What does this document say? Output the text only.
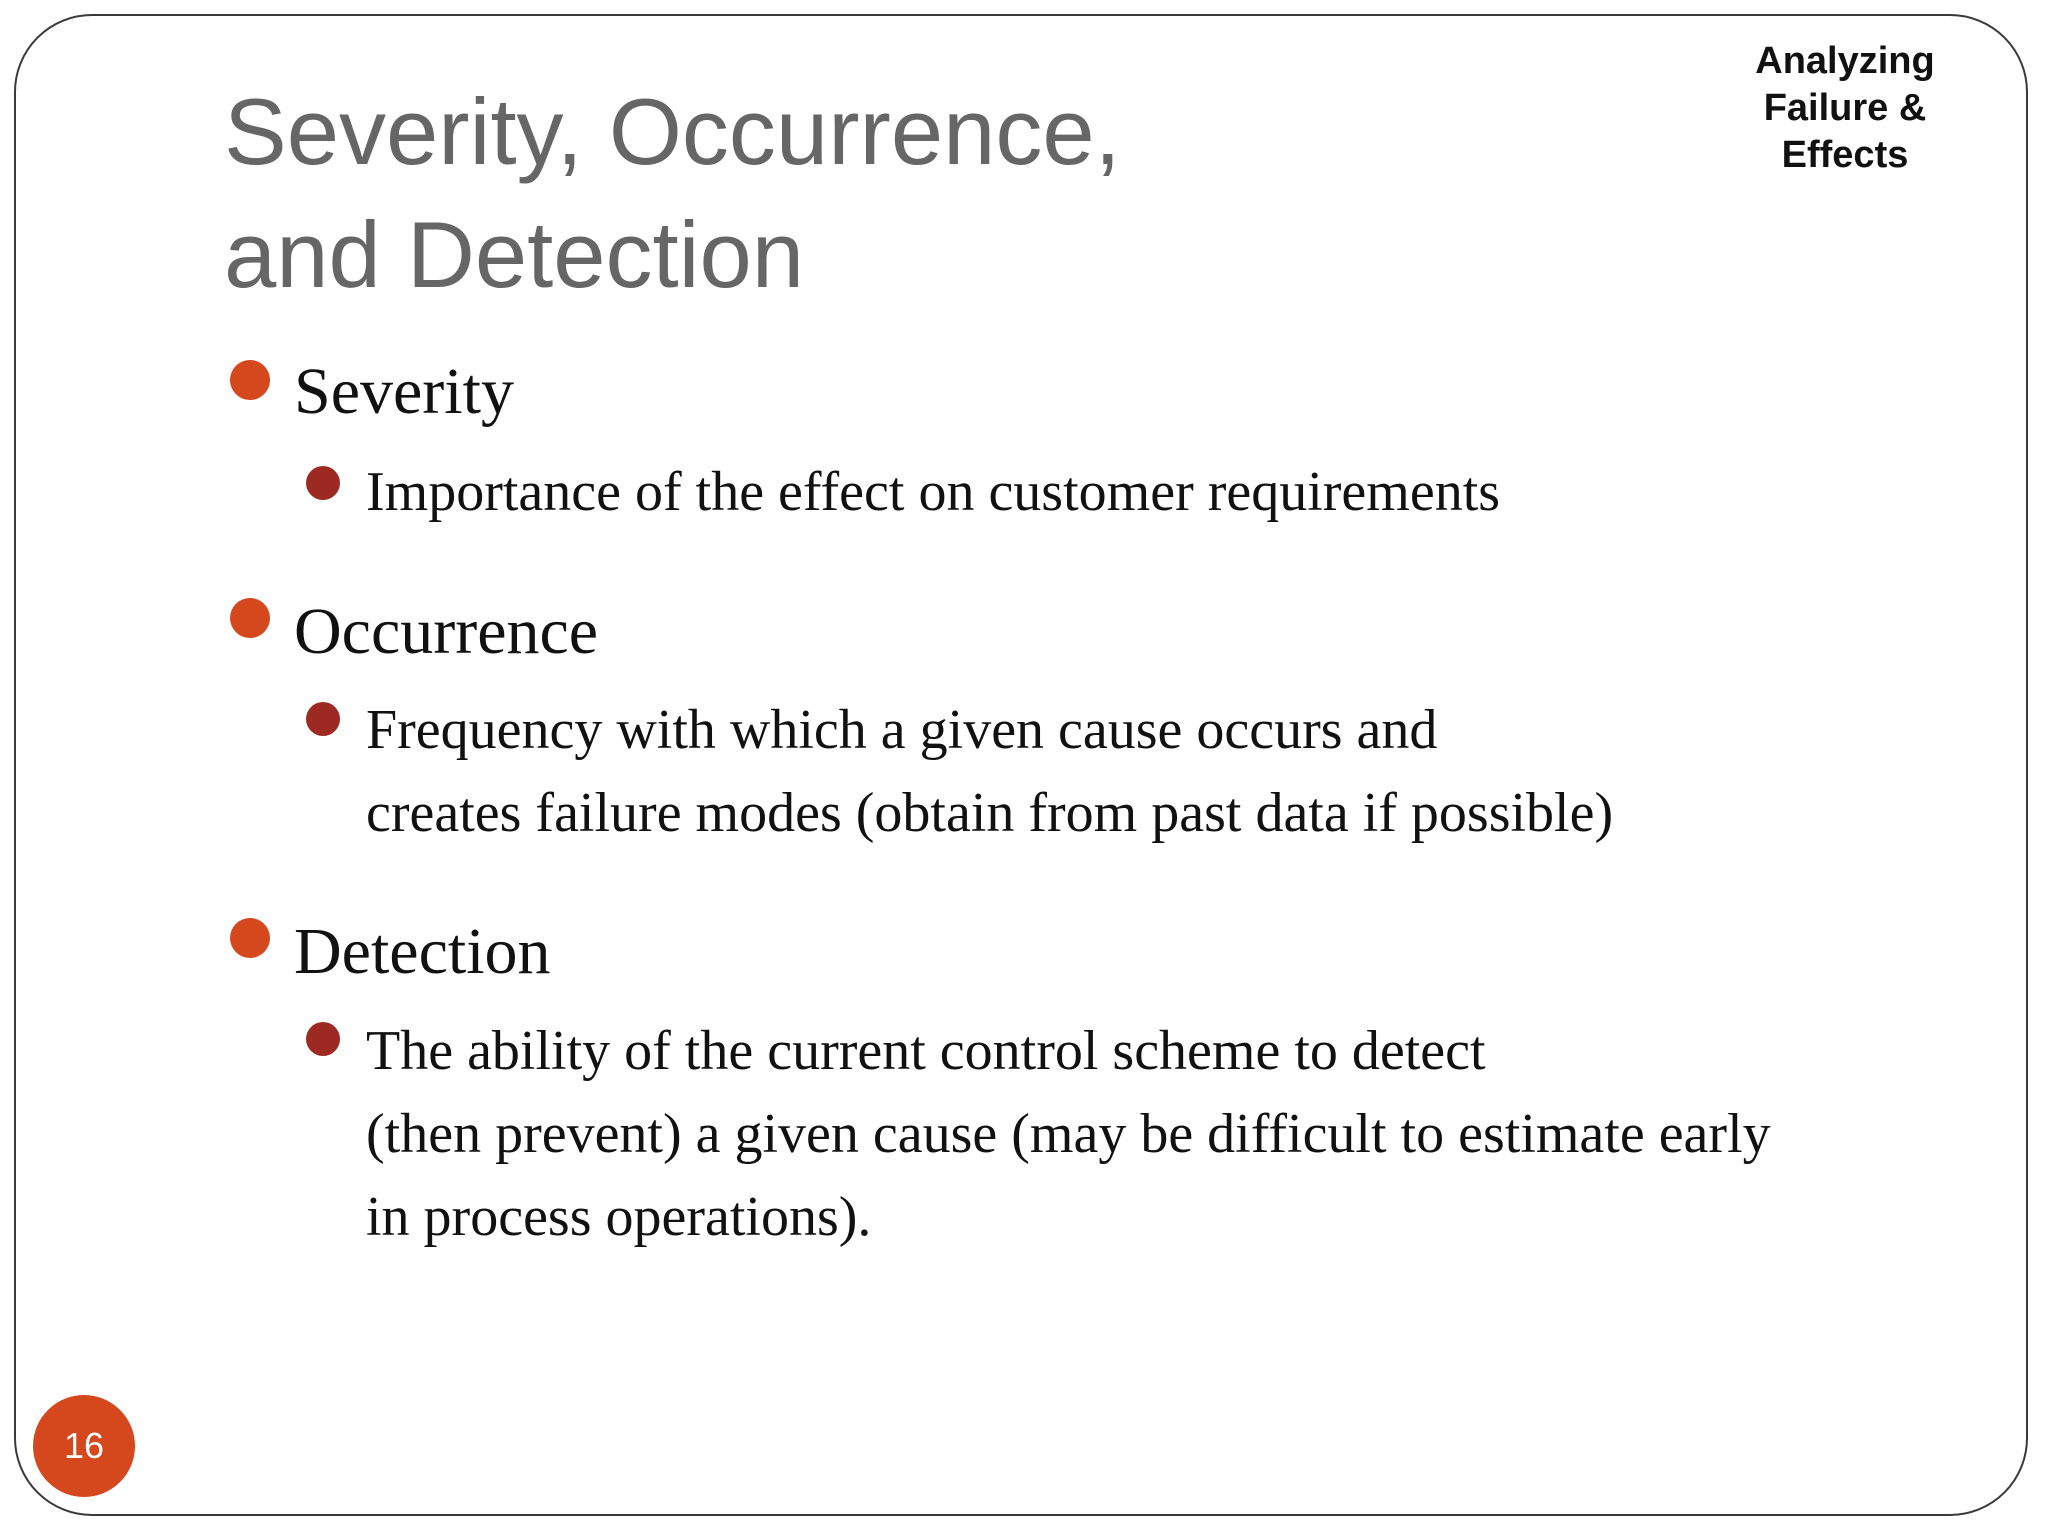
Severity, Occurrence,
and Detection
Analyzing
Failure &
Effects
Severity
Importance of the effect on customer requirements
Occurrence
Frequency with which a given cause occurs and
creates failure modes (obtain from past data if possible)
Detection
The ability of the current control scheme to detect
(then prevent) a given cause (may be difficult to estimate early
in process operations).
16
